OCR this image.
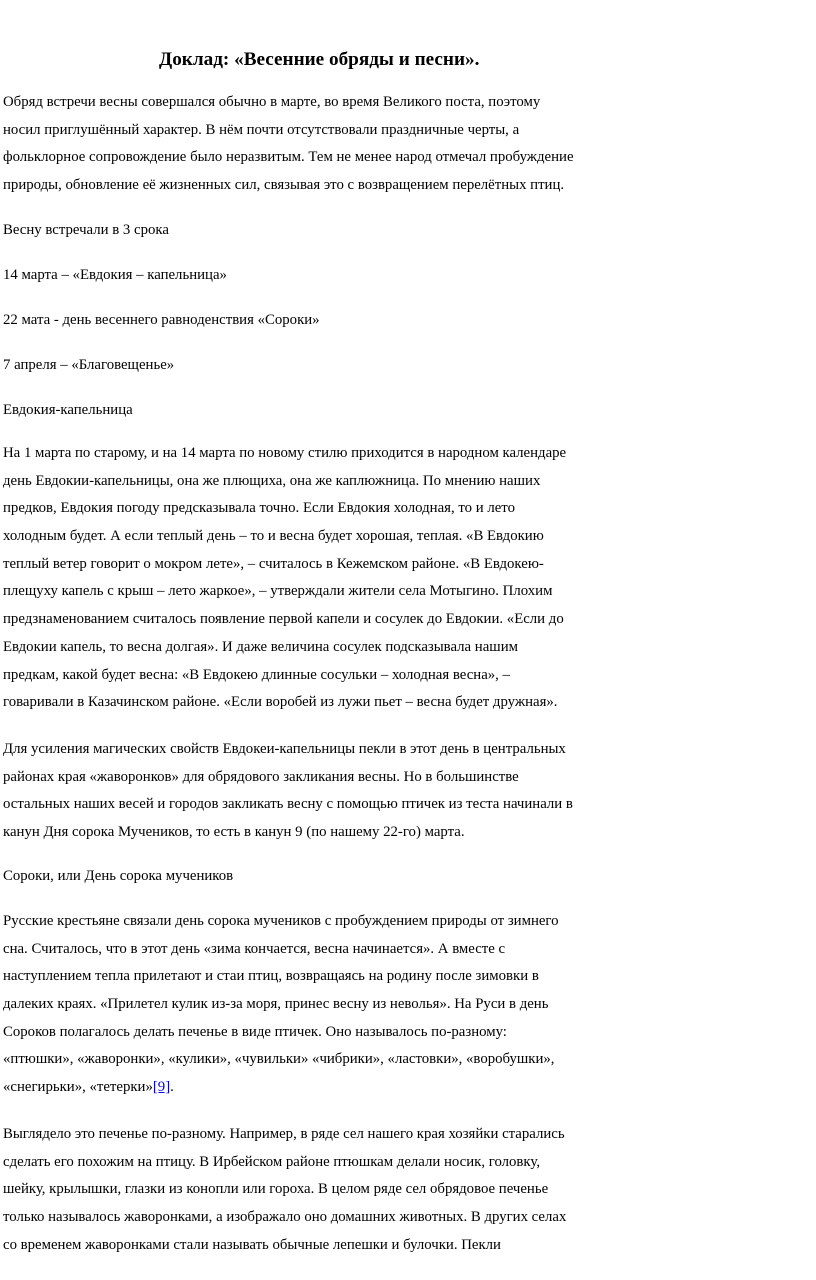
Доклад: «Весенние обряды и песни».
Обряд встречи весны совершался обычно в марте, во время Великого поста, поэтому
носил приглушённый характер. В нём почти отсутствовали праздничные черты, а
фольклорное сопровождение было неразвитым. Тем не менее народ отмечал пробуждение
природы, обновление её жизненных сил, связывая это с возвращением перелётных птиц.
Весну встречали в 3 срока
14 марта – «Евдокия – капельница»
22 мата - день весеннего равноденствия «Сороки»
7 апреля – «Благовещенье»
Евдокия-капельница
На 1 марта по старому, и на 14 марта по новому стилю приходится в народном календаре
день Евдокии-капельницы, она же плющиха, она же каплюжница. По мнению наших
предков, Евдокия погоду предсказывала точно. Если Евдокия холодная, то и лето
холодным будет. А если теплый день – то и весна будет хорошая, теплая. «В Евдокию
теплый ветер говорит о мокром лете», – считалось в Кежемском районе. «В Евдокею-
плещуху капель с крыш – лето жаркое», – утверждали жители села Мотыгино. Плохим
предзнаменованием считалось появление первой капели и сосулек до Евдокии. «Если до
Евдокии капель, то весна долгая». И даже величина сосулек подсказывала нашим
предкам, какой будет весна: «В Евдокею длинные сосульки – холодная весна», –
говаривали в Казачинском районе. «Если воробей из лужи пьет – весна будет дружная».
Для усиления магических свойств Евдокеи-капельницы пекли в этот день в центральных
районах края «жаворонков» для обрядового закликания весны. Но в большинстве
остальных наших весей и городов закликать весну с помощью птичек из теста начинали в
канун Дня сорока Мучеников, то есть в канун 9 (по нашему 22-го) марта.
Сороки, или День сорока мучеников
Русские крестьяне связали день сорока мучеников с пробуждением природы от зимнего
сна. Считалось, что в этот день «зима кончается, весна начинается». А вместе с
наступлением тепла прилетают и стаи птиц, возвращаясь на родину после зимовки в
далеких краях. «Прилетел кулик из-за моря, принес весну из неволья». На Руси в день
Сороков полагалось делать печенье в виде птичек. Оно называлось по-разному:
«птюшки», «жаворонки», «кулики», «чувильки» «чибрики», «ластовки», «воробушки»,
«снегирьки», «тетерки»[9].
Выглядело это печенье по-разному. Например, в ряде сел нашего края хозяйки старались
сделать его похожим на птицу. В Ирбейском районе птюшкам делали носик, головку,
шейку, крылышки, глазки из конопли или гороха. В целом ряде сел обрядовое печенье
только называлось жаворонками, а изображало оно домашних животных. В других селах
со временем жаворонками стали называть обычные лепешки и булочки. Пекли
